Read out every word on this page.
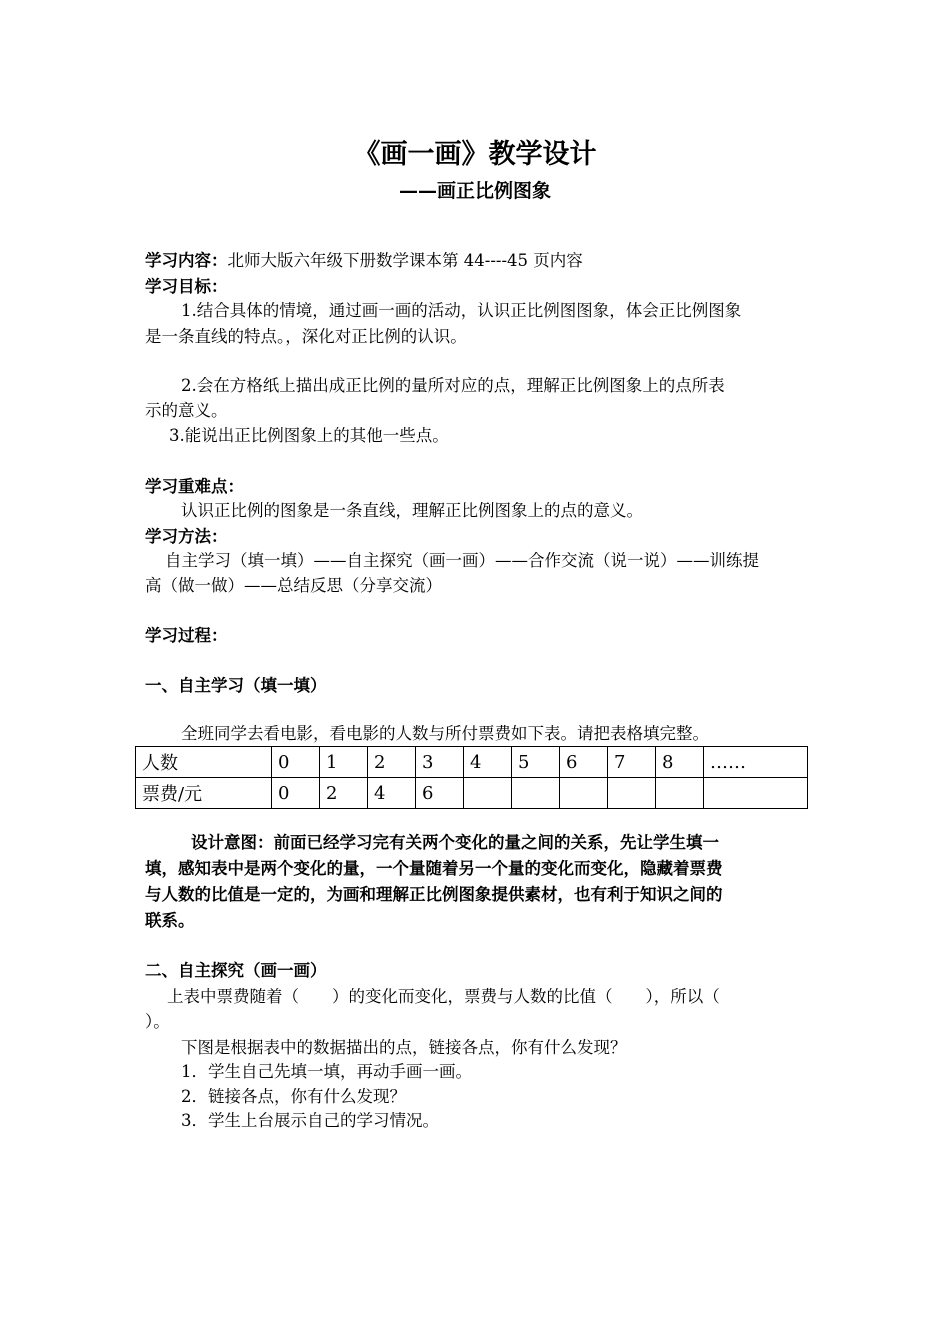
《画一画》教学设计
——画正比例图象
学习内容：北师大版六年级下册数学课本第 44----45 页内容
学习目标：
1.结合具体的情境，通过画一画的活动，认识正比例图图象，体会正比例图象
是一条直线的特点。，深化对正比例的认识。
2.会在方格纸上描出成正比例的量所对应的点，理解正比例图象上的点所表
示的意义。
3.能说出正比例图象上的其他一些点。
学习重难点：
认识正比例的图象是一条直线，理解正比例图象上的点的意义。
学习方法：
自主学习（填一填）——自主探究（画一画）——合作交流（说一说）——训练提
高（做一做）——总结反思（分享交流）
学习过程：
一、自主学习（填一填）
全班同学去看电影，看电影的人数与所付票费如下表。请把表格填完整。
人数	0	1	2	3	4	5	6	7	8	……
票费/元	0	2	4	6						
设计意图：前面已经学习完有关两个变化的量之间的关系，先让学生填一
填，感知表中是两个变化的量，一个量随着另一个量的变化而变化，隐藏着票费
与人数的比值是一定的，为画和理解正比例图象提供素材，也有利于知识之间的
联系。
二、自主探究（画一画）
上表中票费随着（　　）的变化而变化，票费与人数的比值（　　），所以（
）。
下图是根据表中的数据描出的点，链接各点，你有什么发现？
1．学生自己先填一填，再动手画一画。
2．链接各点，你有什么发现？
3．学生上台展示自己的学习情况。
